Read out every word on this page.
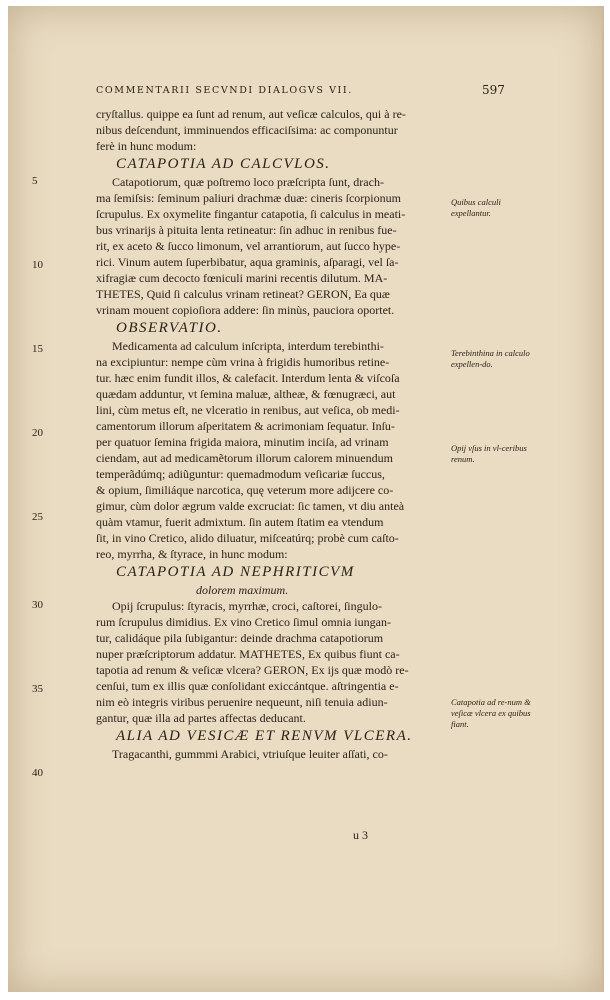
COMMENTARII SECVNDI DIALOGVS VII.	597
cryſtallus. quippe ea ſunt ad renum, aut veſicæ calculos, qui à re-
nibus deſcendunt, imminuendos efficaciſsima: ac componuntur
ferè in hunc modum:
CATAPOTIA AD CALCVLOS.
Catapotiorum, quæ poſtremo loco præſcripta ſunt, drach-
ma ſemiſsis: ſeminum paliuri drachmæ duæ: cineris ſcorpionum
ſcrupulus. Ex oxymelite fingantur catapotia, ſi calculus in meati-
bus vrinarijs à pituita lenta retineatur: ſin adhuc in renibus fue-
rit, ex aceto & ſucco limonum, vel arrantiorum, aut ſucco hype-
rici. Vinum autem ſuperbibatur, aqua graminis, aſparagi, vel ſa-
xifragiæ cum decocto fœniculi marini recentis dilutum. MA-
THETES, Quid ſi calculus vrinam retineat? GERON, Ea quæ
vrinam mouent copioſiora addere: ſin minùs, pauciora oportet.
OBSERVATIO.
Medicamenta ad calculum inſcripta, interdum terebinthi-
na excipiuntur: nempe cùm vrina à frigidis humoribus retine-
tur. hæc enim fundit illos, & calefacit. Interdum lenta & viſcoſa
quædam adduntur, vt ſemina maluæ, altheæ, & fœnugræci, aut
lini, cùm metus eſt, ne vlceratio in renibus, aut veſica, ob medi-
camentorum illorum aſperitatem & acrimoniam ſequatur. Inſu-
per quatuor ſemina frigida maiora, minutim inciſa, ad vrinam
ciendam, aut ad medicamẽtorum illorum calorem minuendum
temperãdúmq; adiũguntur: quemadmodum veſicariæ ſuccus,
& opium, ſimiliáque narcotica, quę veterum more adijcere co-
gimur, cùm dolor ægrum valde excruciat: ſic tamen, vt diu anteà
quàm vtamur, fuerit admixtum. ſin autem ſtatim ea vtendum
ſit, in vino Cretico, alido diluatur, miſceatúrq; probè cum caſto-
reo, myrrha, & ſtyrace, in hunc modum:
CATAPOTIA AD NEPHRITICVM
dolorem maximum.
Opij ſcrupulus: ſtyracis, myrrhæ, croci, caſtorei, ſingulo-
rum ſcrupulus dimidius. Ex vino Cretico ſimul omnia iungan-
tur, calidáque pila ſubigantur: deinde drachma catapotiorum
nuper præſcriptorum addatur. MATHETES, Ex quibus fiunt ca-
tapotia ad renum & veſicæ vlcera? GERON, Ex ijs quæ modò re-
cenſui, tum ex illis quæ conſolidant exiccántque. aſtringentia e-
nim eò integris viribus peruenire nequeunt, niſi tenuia adiun-
gantur, quæ illa ad partes affectas deducant.
ALIA AD VESICÆ ET RENVM VLCERA.
Tragacanthi, gummmi Arabici, vtriuſque leuiter aſſati, co-
5
10
15
20
25
30
35
40
Quibus calculi expellantur.
Terebinthina in calculo expellen-do.
Opij vſus in vl-ceribus renum.
Catapotia ad re-num & veſicæ vlcera ex quibus fiant.
u 3
